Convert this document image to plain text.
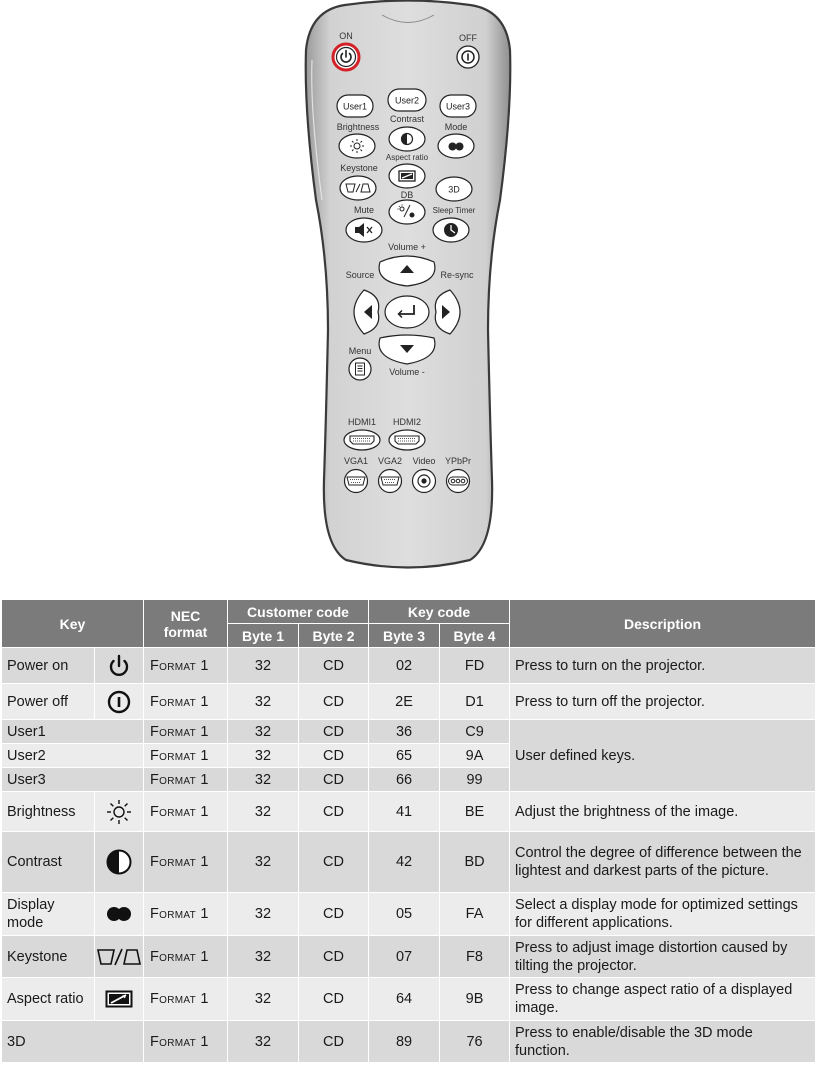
ON	OFF
User1
User2
User3
Brightness
Contrast
Mode
Keystone
Aspect ratio
3D
DB
Mute	Sleep Timer
Volume +
Source	Re-sync
Menu
Volume -
HDMI1 HDMI2
VGA1 VGA2 Video YPbPr
Key		NEC format	Customer code		Key code		Description
			Byte 1	Byte 2	Byte 3	Byte 4	
Power on		Format 1	32	CD	02	FD	Press to turn on the projector.
Power off		Format 1	32	CD	2E	D1	Press to turn off the projector.
User1		Format 1	32	CD	36	C9	User defined keys.
User2		Format 1	32	CD	65	9A	
User3		Format 1	32	CD	66	99	
Brightness		Format 1	32	CD	41	BE	Adjust the brightness of the image.
Contrast		Format 1	32	CD	42	BD	Control the degree of difference between the lightest and darkest parts of the picture.
Display mode		Format 1	32	CD	05	FA	Select a display mode for optimized settings for different applications.
Keystone		Format 1	32	CD	07	F8	Press to adjust image distortion caused by tilting the projector.
Aspect ratio		Format 1	32	CD	64	9B	Press to change aspect ratio of a displayed image.
3D		Format 1	32	CD	89	76	Press to enable/disable the 3D mode function.
